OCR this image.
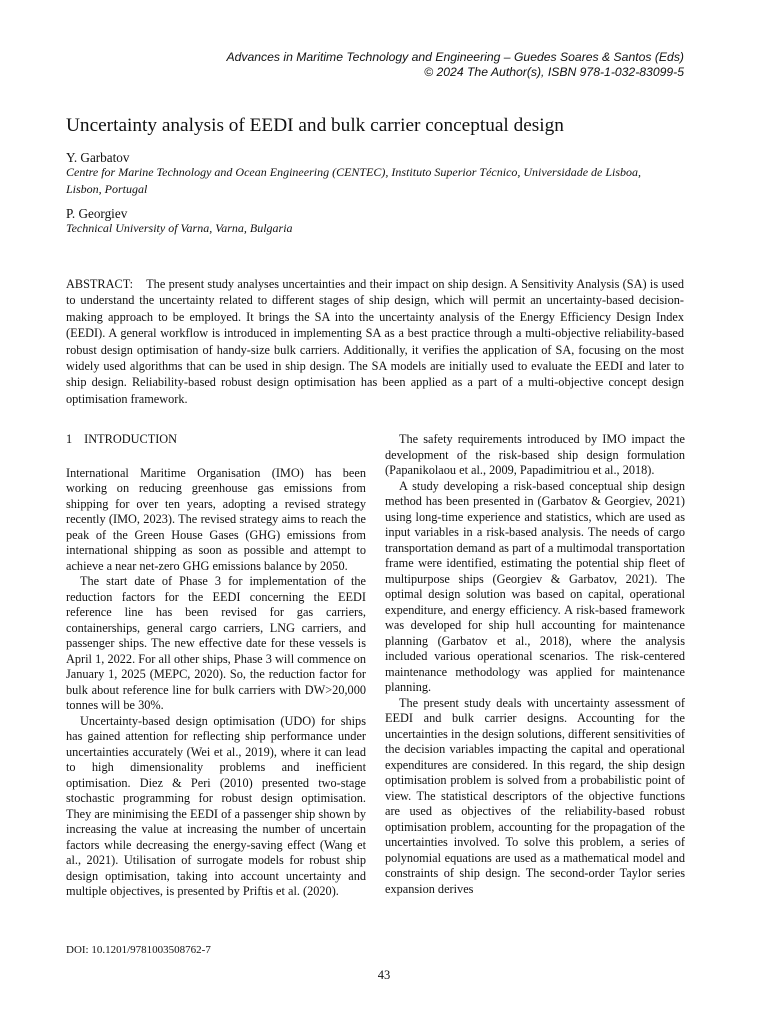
Advances in Maritime Technology and Engineering – Guedes Soares & Santos (Eds)
© 2024 The Author(s), ISBN 978-1-032-83099-5
Uncertainty analysis of EEDI and bulk carrier conceptual design
Y. Garbatov
Centre for Marine Technology and Ocean Engineering (CENTEC), Instituto Superior Técnico, Universidade de Lisboa, Lisbon, Portugal
P. Georgiev
Technical University of Varna, Varna, Bulgaria
ABSTRACT: The present study analyses uncertainties and their impact on ship design. A Sensitivity Analysis (SA) is used to understand the uncertainty related to different stages of ship design, which will permit an uncertainty-based decision-making approach to be employed. It brings the SA into the uncertainty analysis of the Energy Efficiency Design Index (EEDI). A general workflow is introduced in implementing SA as a best practice through a multi-objective reliability-based robust design optimisation of handy-size bulk carriers. Additionally, it verifies the application of SA, focusing on the most widely used algorithms that can be used in ship design. The SA models are initially used to evaluate the EEDI and later to ship design. Reliability-based robust design optimisation has been applied as a part of a multi-objective concept design optimisation framework.
1 INTRODUCTION

International Maritime Organisation (IMO) has been working on reducing greenhouse gas emissions from shipping for over ten years, adopting a revised strategy recently (IMO, 2023). The revised strategy aims to reach the peak of the Green House Gases (GHG) emissions from international shipping as soon as possible and attempt to achieve a near net-zero GHG emissions balance by 2050.

The start date of Phase 3 for implementation of the reduction factors for the EEDI concerning the EEDI reference line has been revised for gas carriers, containerships, general cargo carriers, LNG carriers, and passenger ships. The new effective date for these vessels is April 1, 2022. For all other ships, Phase 3 will commence on January 1, 2025 (MEPC, 2020). So, the reduction factor for bulk about reference line for bulk carriers with DW>20,000 tonnes will be 30%.

Uncertainty-based design optimisation (UDO) for ships has gained attention for reflecting ship performance under uncertainties accurately (Wei et al., 2019), where it can lead to high dimensionality problems and inefficient optimisation. Diez & Peri (2010) presented two-stage stochastic programming for robust design optimisation. They are minimising the EEDI of a passenger ship shown by increasing the value at increasing the number of uncertain factors while decreasing the energy-saving effect (Wang et al., 2021). Utilisation of surrogate models for robust ship design optimisation, taking into account uncertainty and multiple objectives, is presented by Priftis et al. (2020).

The safety requirements introduced by IMO impact the development of the risk-based ship design formulation (Papanikolaou et al., 2009, Papadimitriou et al., 2018).

A study developing a risk-based conceptual ship design method has been presented in (Garbatov & Georgiev, 2021) using long-time experience and statistics, which are used as input variables in a risk-based analysis. The needs of cargo transportation demand as part of a multimodal transportation frame were identified, estimating the potential ship fleet of multipurpose ships (Georgiev & Garbatov, 2021). The optimal design solution was based on capital, operational expenditure, and energy efficiency. A risk-based framework was developed for ship hull accounting for maintenance planning (Garbatov et al., 2018), where the analysis included various operational scenarios. The risk-centered maintenance methodology was applied for maintenance planning.

The present study deals with uncertainty assessment of EEDI and bulk carrier designs. Accounting for the uncertainties in the design solutions, different sensitivities of the decision variables impacting the capital and operational expenditures are considered. In this regard, the ship design optimisation problem is solved from a probabilistic point of view. The statistical descriptors of the objective functions are used as objectives of the reliability-based robust optimisation problem, accounting for the propagation of the uncertainties involved. To solve this problem, a series of polynomial equations are used as a mathematical model and constraints of ship design. The second-order Taylor series expansion derives

DOI: 10.1201/9781003508762-7
43
